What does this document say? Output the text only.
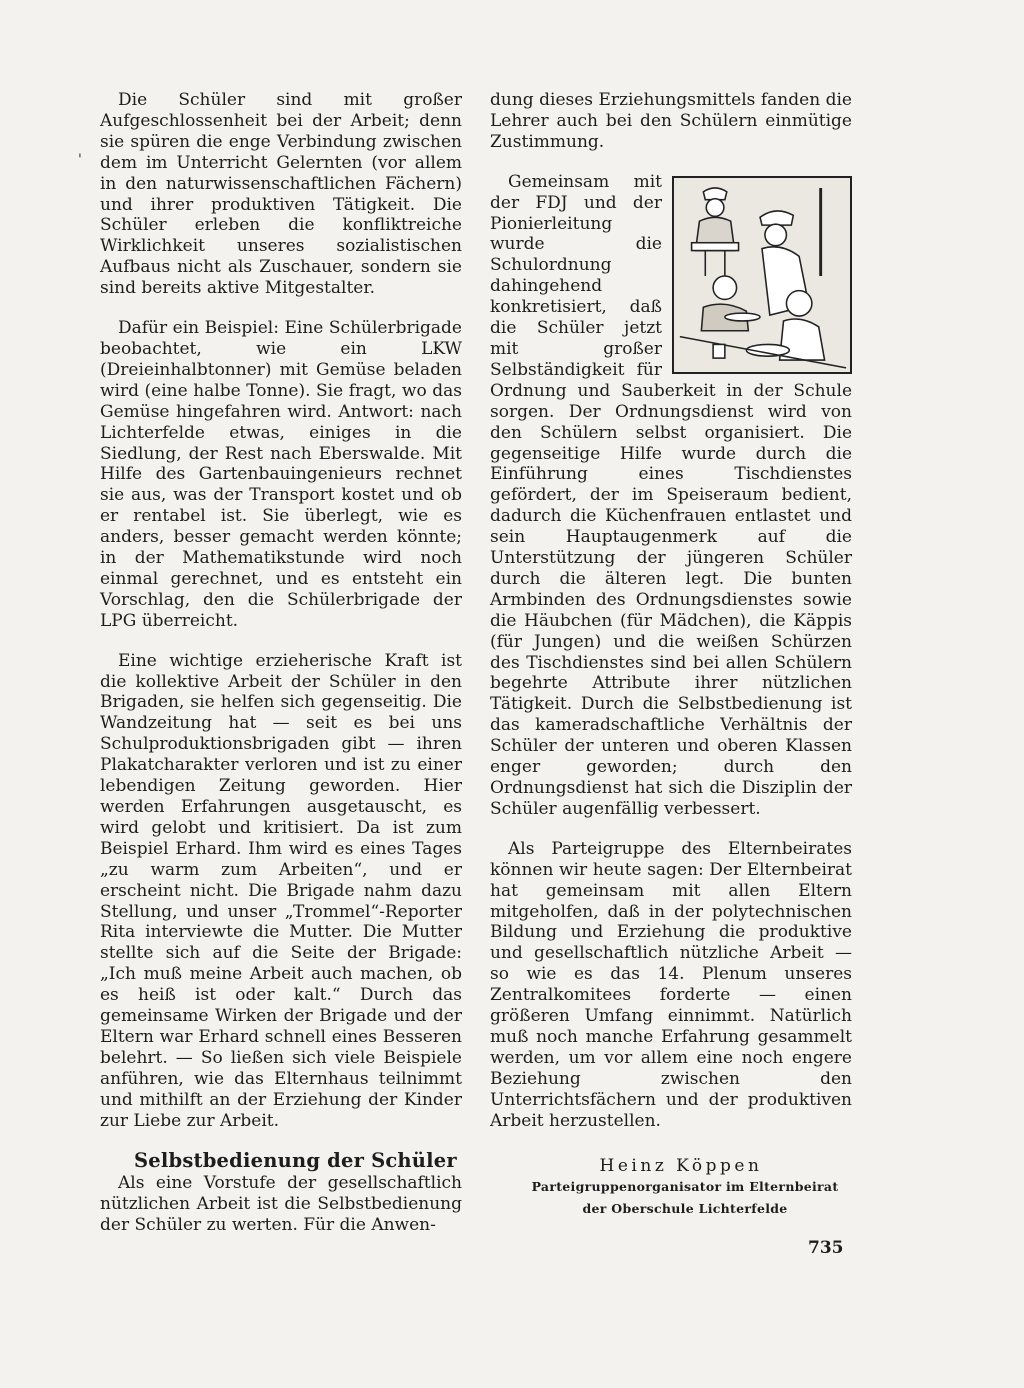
'

Die Schüler sind mit großer Aufgeschlossenheit bei der Arbeit; denn sie spüren die enge Verbindung zwischen dem im Unterricht Gelernten (vor allem in den naturwissenschaftlichen Fächern) und ihrer produktiven Tätigkeit. Die Schüler erleben die konfliktreiche Wirklichkeit unseres sozialistischen Aufbaus nicht als Zuschauer, sondern sie sind bereits aktive Mitgestalter.

Dafür ein Beispiel: Eine Schülerbrigade beobachtet, wie ein LKW (Dreieinhalbtonner) mit Gemüse beladen wird (eine halbe Tonne). Sie fragt, wo das Gemüse hingefahren wird. Antwort: nach Lichterfelde etwas, einiges in die Siedlung, der Rest nach Eberswalde. Mit Hilfe des Gartenbauingenieurs rechnet sie aus, was der Transport kostet und ob er rentabel ist. Sie überlegt, wie es anders, besser gemacht werden könnte; in der Mathematikstunde wird noch einmal gerechnet, und es entsteht ein Vorschlag, den die Schülerbrigade der LPG überreicht.

Eine wichtige erzieherische Kraft ist die kollektive Arbeit der Schüler in den Brigaden, sie helfen sich gegenseitig. Die Wandzeitung hat — seit es bei uns Schulproduktionsbrigaden gibt — ihren Plakatcharakter verloren und ist zu einer lebendigen Zeitung geworden. Hier werden Erfahrungen ausgetauscht, es wird gelobt und kritisiert. Da ist zum Beispiel Erhard. Ihm wird es eines Tages „zu warm zum Arbeiten“, und er erscheint nicht. Die Brigade nahm dazu Stellung, und unser „Trommel“-Reporter Rita interviewte die Mutter. Die Mutter stellte sich auf die Seite der Brigade: „Ich muß meine Arbeit auch machen, ob es heiß ist oder kalt.“ Durch das gemeinsame Wirken der Brigade und der Eltern war Erhard schnell eines Besseren belehrt. — So ließen sich viele Beispiele anführen, wie das Elternhaus teilnimmt und mithilft an der Erziehung der Kinder zur Liebe zur Arbeit.

Selbstbedienung der Schüler

Als eine Vorstufe der gesellschaftlich nützlichen Arbeit ist die Selbstbedienung der Schüler zu werten. Für die Anwen-

dung dieses Erziehungsmittels fanden die Lehrer auch bei den Schülern einmütige Zustimmung.

Gemeinsam mit der FDJ und der Pionierleitung wurde die Schulordnung dahingehend konkretisiert, daß die Schüler jetzt mit großer Selbständigkeit für Ordnung und Sauberkeit in der Schule sorgen. Der Ordnungsdienst wird von den Schülern selbst organisiert. Die gegenseitige Hilfe wurde durch die Einführung eines Tischdienstes gefördert, der im Speiseraum bedient, dadurch die Küchenfrauen entlastet und sein Hauptaugenmerk auf die Unterstützung der jüngeren Schüler durch die älteren legt. Die bunten Armbinden des Ordnungsdienstes sowie die Häubchen (für Mädchen), die Käppis (für Jungen) und die weißen Schürzen des Tischdienstes sind bei allen Schülern begehrte Attribute ihrer nützlichen Tätigkeit. Durch die Selbstbedienung ist das kameradschaftliche Verhältnis der Schüler der unteren und oberen Klassen enger geworden; durch den Ordnungsdienst hat sich die Disziplin der Schüler augenfällig verbessert.

Als Parteigruppe des Elternbeirates können wir heute sagen: Der Elternbeirat hat gemeinsam mit allen Eltern mitgeholfen, daß in der polytechnischen Bildung und Erziehung die produktive und gesellschaftlich nützliche Arbeit — so wie es das 14. Plenum unseres Zentralkomitees forderte — einen größeren Umfang einnimmt. Natürlich muß noch manche Erfahrung gesammelt werden, um vor allem eine noch engere Beziehung zwischen den Unterrichtsfächern und der produktiven Arbeit herzustellen.

Heinz Köppen
Parteigruppenorganisator im Elternbeirat
der Oberschule Lichterfelde
735
